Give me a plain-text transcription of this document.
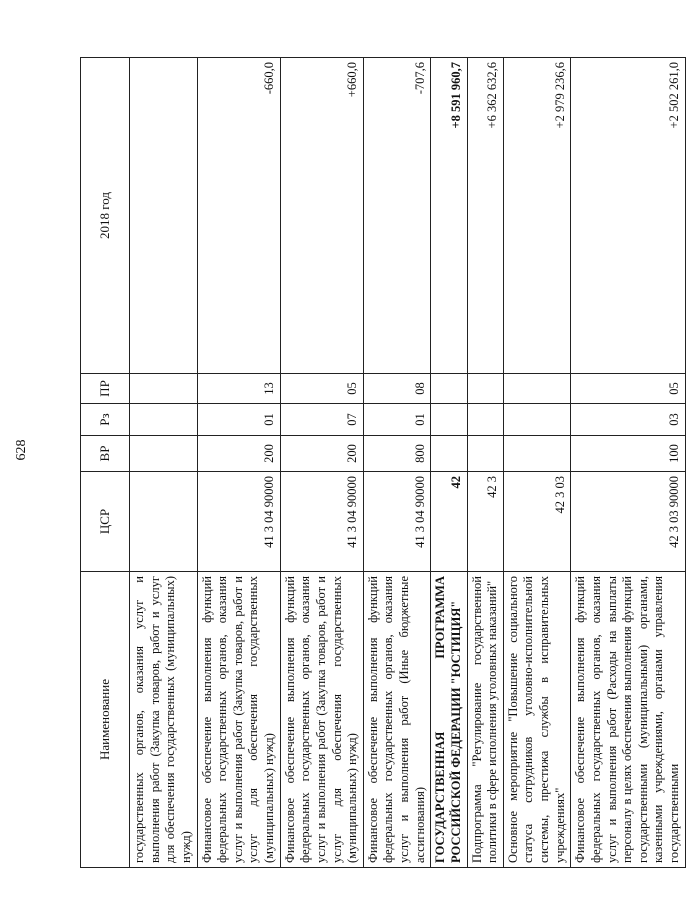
628
Наименование	ЦСР	ВР	Рз	ПР	2018 год
государственных органов, оказания услуг и выполнения работ (Закупка товаров, работ и услуг для обеспечения государственных (муниципальных) нужд)					
Финансовое обеспечение выполнения функций федеральных государственных органов, оказания услуг и выполнения работ (Закупка товаров, работ и услуг для обеспечения государственных (муниципальных) нужд)	41 3 04 90000	200	01	13	-660,0
Финансовое обеспечение выполнения функций федеральных государственных органов, оказания услуг и выполнения работ (Закупка товаров, работ и услуг для обеспечения государственных (муниципальных) нужд)	41 3 04 90000	200	07	05	+660,0
Финансовое обеспечение выполнения функций федеральных государственных органов, оказания услуг и выполнения работ (Иные бюджетные ассигнования)	41 3 04 90000	800	01	08	-707,6
ГОСУДАРСТВЕННАЯ ПРОГРАММА РОССИЙСКОЙ ФЕДЕРАЦИИ "ЮСТИЦИЯ"	42				+8 591 960,7
Подпрограмма "Регулирование государственной политики в сфере исполнения уголовных наказаний"	42 3				+6 362 632,6
Основное мероприятие "Повышение социального статуса сотрудников уголовно-исполнительной системы, престижа службы в исправительных учреждениях"	42 3 03				+2 979 236,6
Финансовое обеспечение выполнения функций федеральных государственных органов, оказания услуг и выполнения работ (Расходы на выплаты персоналу в целях обеспечения выполнения функций государственными (муниципальными) органами, казенными учреждениями, органами управления государственными	42 3 03 90000	100	03	05	+2 502 261,0
